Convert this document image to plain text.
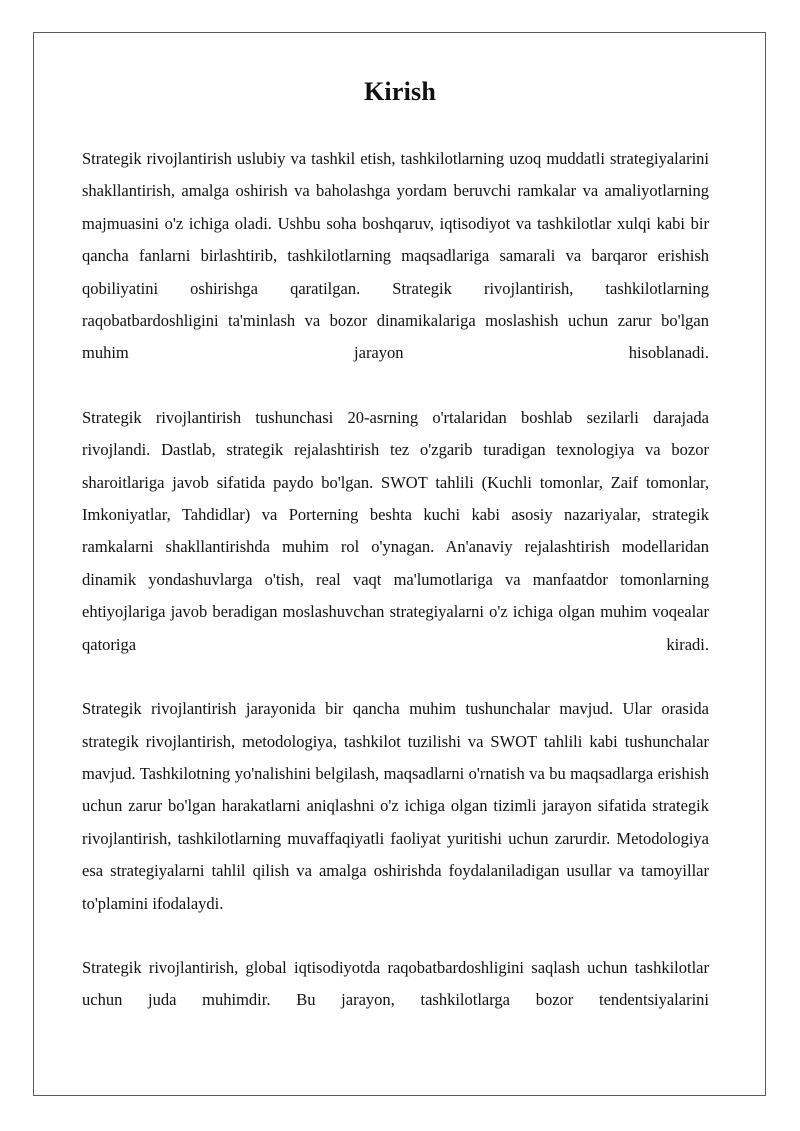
Kirish

Strategik rivojlantirish uslubiy va tashkil etish, tashkilotlarning uzoq muddatli strategiyalarini shakllantirish, amalga oshirish va baholashga yordam beruvchi ramkalar va amaliyotlarning majmuasini o'z ichiga oladi. Ushbu soha boshqaruv, iqtisodiyot va tashkilotlar xulqi kabi bir qancha fanlarni birlashtirib, tashkilotlarning maqsadlariga samarali va barqaror erishish qobiliyatini oshirishga qaratilgan. Strategik rivojlantirish, tashkilotlarning raqobatbardoshligini ta'minlash va bozor dinamikalariga moslashish uchun zarur bo'lgan muhim jarayon hisoblanadi.

Strategik rivojlantirish tushunchasi 20-asrning o'rtalaridan boshlab sezilarli darajada rivojlandi. Dastlab, strategik rejalashtirish tez o'zgarib turadigan texnologiya va bozor sharoitlariga javob sifatida paydo bo'lgan. SWOT tahlili (Kuchli tomonlar, Zaif tomonlar, Imkoniyatlar, Tahdidlar) va Porterning beshta kuchi kabi asosiy nazariyalar, strategik ramkalarni shakllantirishda muhim rol o'ynagan. An'anaviy rejalashtirish modellaridan dinamik yondashuvlarga o'tish, real vaqt ma'lumotlariga va manfaatdor tomonlarning ehtiyojlariga javob beradigan moslashuvchan strategiyalarni o'z ichiga olgan muhim voqealar qatoriga kiradi.

Strategik rivojlantirish jarayonida bir qancha muhim tushunchalar mavjud. Ular orasida strategik rivojlantirish, metodologiya, tashkilot tuzilishi va SWOT tahlili kabi tushunchalar mavjud. Tashkilotning yo'nalishini belgilash, maqsadlarni o'rnatish va bu maqsadlarga erishish uchun zarur bo'lgan harakatlarni aniqlashni o'z ichiga olgan tizimli jarayon sifatida strategik rivojlantirish, tashkilotlarning muvaffaqiyatli faoliyat yuritishi uchun zarurdir. Metodologiya esa strategiyalarni tahlil qilish va amalga oshirishda foydalaniladigan usullar va tamoyillar to'plamini ifodalaydi.

Strategik rivojlantirish, global iqtisodiyotda raqobatbardoshligini saqlash uchun tashkilotlar uchun juda muhimdir. Bu jarayon, tashkilotlarga bozor tendentsiyalarini
